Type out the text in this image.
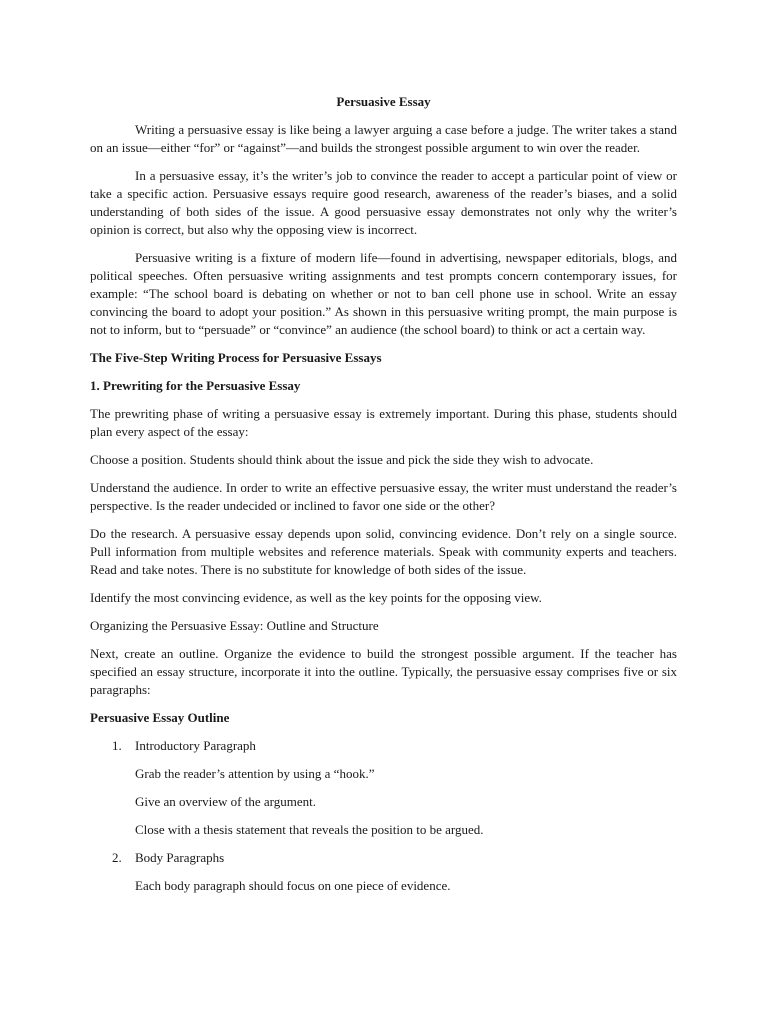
Persuasive Essay

Writing a persuasive essay is like being a lawyer arguing a case before a judge. The writer takes a stand on an issue—either “for” or “against”—and builds the strongest possible argument to win over the reader.

In a persuasive essay, it’s the writer’s job to convince the reader to accept a particular point of view or take a specific action. Persuasive essays require good research, awareness of the reader’s biases, and a solid understanding of both sides of the issue. A good persuasive essay demonstrates not only why the writer’s opinion is correct, but also why the opposing view is incorrect.

Persuasive writing is a fixture of modern life—found in advertising, newspaper editorials, blogs, and political speeches. Often persuasive writing assignments and test prompts concern contemporary issues, for example: “The school board is debating on whether or not to ban cell phone use in school. Write an essay convincing the board to adopt your position.” As shown in this persuasive writing prompt, the main purpose is not to inform, but to “persuade” or “convince” an audience (the school board) to think or act a certain way.

The Five-Step Writing Process for Persuasive Essays

1. Prewriting for the Persuasive Essay

The prewriting phase of writing a persuasive essay is extremely important. During this phase, students should plan every aspect of the essay:

Choose a position. Students should think about the issue and pick the side they wish to advocate.

Understand the audience. In order to write an effective persuasive essay, the writer must understand the reader’s perspective. Is the reader undecided or inclined to favor one side or the other?

Do the research. A persuasive essay depends upon solid, convincing evidence. Don’t rely on a single source. Pull information from multiple websites and reference materials. Speak with community experts and teachers. Read and take notes. There is no substitute for knowledge of both sides of the issue.

Identify the most convincing evidence, as well as the key points for the opposing view.

Organizing the Persuasive Essay: Outline and Structure

Next, create an outline. Organize the evidence to build the strongest possible argument. If the teacher has specified an essay structure, incorporate it into the outline. Typically, the persuasive essay comprises five or six paragraphs:

Persuasive Essay Outline

1.	Introductory Paragraph

Grab the reader’s attention by using a “hook.”

Give an overview of the argument.

Close with a thesis statement that reveals the position to be argued.

2.	Body Paragraphs

Each body paragraph should focus on one piece of evidence.
